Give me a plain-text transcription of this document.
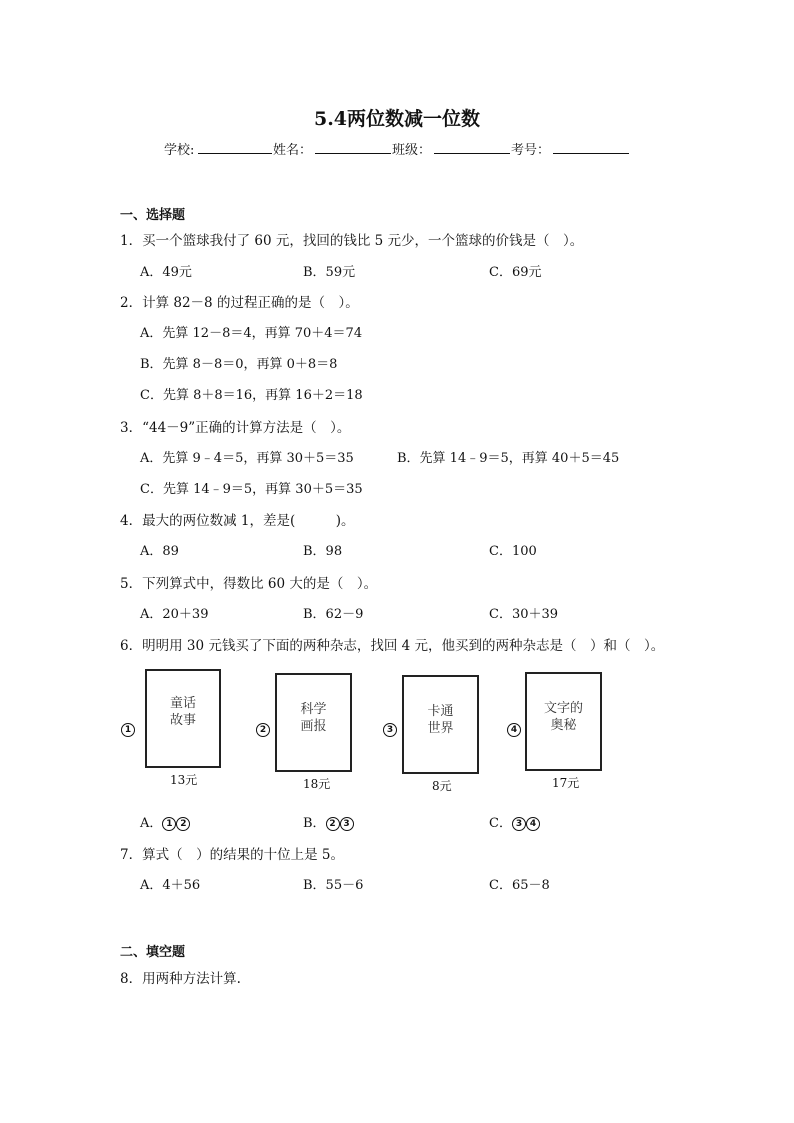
5.4两位数减一位数
学校:	姓名：	班级：	考号：
一、选择题
1．买一个篮球我付了 60 元，找回的钱比 5 元少，一个篮球的价钱是（　）。
A．49元	B．59元	C．69元
2．计算 82－8 的过程正确的是（　）。
A．先算 12－8＝4，再算 70＋4＝74
B．先算 8－8＝0，再算 0＋8＝8
C．先算 8＋8＝16，再算 16＋2＝18
3．“44－9”正确的计算方法是（　）。
A．先算 9﹣4＝5，再算 30＋5＝35	B．先算 14﹣9＝5，再算 40＋5＝45
C．先算 14﹣9＝5，再算 30＋5＝35
4．最大的两位数减 1，差是(　　　)。
A．89	B．98	C．100
5．下列算式中，得数比 60 大的是（　）。
A．20＋39	B．62－9	C．30＋39
6．明明用 30 元钱买了下面的两种杂志，找回 4 元，他买到的两种杂志是（　）和（　）。
1
童话
故事
13元
2
科学
画报
18元
3
卡通
世界
8元
4
文字的
奥秘
17元
A． 1 2	B． 2 3	C． 3 4
7．算式（　）的结果的十位上是 5。
A．4＋56	B．55－6	C．65－8
二、填空题
8．用两种方法计算.
